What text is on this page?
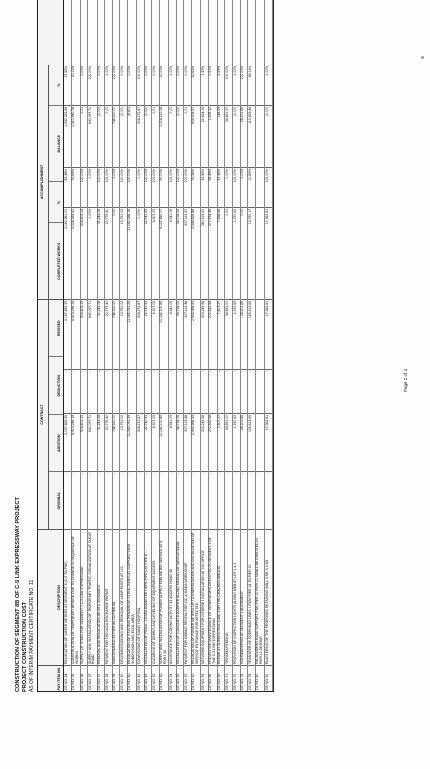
CONSTRUCTION OF SEGMENT 8B OF C-5 LINK EXPRESSWAY PROJECT PROJECT CONSTRUCTION COST AS OF INTERIM PAYMENT CERTIFICATE NO. 11	PAY ITEM NO.
DESCRIPTION
CONTRACT
ORIGINAL
ADDITION
DEDUCTION
REVISED
ACCOMPLISHMENT
COMPLETED WORKS
%
BALANCE
%
CE NO. 34
RELOCATION OF WATER METERS AT SEGMENT 8 (C-5 TO PNR)
-
2,157,855.35
-
2,157,855.35
2,160,961.00
82.48%
1,342,323.88
17.52%
CE NO. 35
CONSTRUCTION OF TEMPORARY BRIDGE DUE TO CHANGE IN SEQUENCE OF WORKS
-
6,519,296.19
-
6,519,296.19
5,208,355.41
79.89%
1,310,940.78
20.11%
CE NO. 36
SUPPLY OF STEEL FOR SEGMENT 7 C-5 LINK EXPRESSWAY
-
504,403.15
-
504,403.15
504,403.14
100.00%
0.01
0.00%
CE NO. 37
SUPPLY AND INSTALLATION OF TEMPORARY TRAFFIC SIGNALIZATION AT SUCAT ROAD
-
640,097.71
-
640,097.71
0.00%
0.00%
640,097.71
100.00%
CE NO. 37
REMOVAL AND RELOCATION OF BTC SIGNAGES
-
31,243.08
-
31,243.08
31,243.08
100.00%
(0.00)
0.00%
CE NO. 38
PAYMENT FOR THE LLDA DISCHARGE PERMIT
-
20,775.40
-
20,775.40
20,775.40
100.00%
0.00
0.00%
CE NO. 39
MAINTENANCE AT PIER 86 TO PIER 88
-
748,310.00
-
748,310.00
0.00
0.00%
748,310.00
100.00%
CE NO. 40
DECOMMISSIONING AND REMOVAL OF LAMP POSTS AT 102
-
13,751.02
-
13,751.02
13,751.02
100.00%
(0.00)
0.00%
CE NO. 41
RELOCATION OF EXISTING REMAINING STRUCTURES AT SUPPORT VIEW SUBDIVISION AND ECOL AREA
-
11,062,091.29
-
11,062,091.29
11,062,088.16
100.00%
(6.87)
0.00%
CE NO. 42
DOWNSIZING OF KIANG HOSPITAL
-
308,272.87
-
308,272.87
0.00%
0.00%
308,272.87
100.00%
CE NO. 43
INSTALLATION OF PE&ia - 150MM DIAMETER HDPE PIPES AT PIPE 8 ...
-
22,740.93
-
22,740.93
22,740.93
100.00%
(0.01)
0.00%
CE NO. 52
CLEARING OF DEBRIS AND LEVELING OF EQUIPMENT ACCESS
-
6,307.05
-
6,307.05
6,307.05
100.00%
0.01
0.00%
CE NO. 52
SUPPLY AND INSTALLATION OF POWER SUPPLY FOR METER SERVICE AT 8 PONT 38
-
10,142,100.85
-
10,142,100.85
9,127,890.77
90.00%
1,014,210.08
10.00%
CE NO. 54
ASSISTANCE FOR CORING ACTIVITY AT ACCESS ROAD 48
-
4,541.09
-
4,541.09
4,541.09
100.00%
0.00
0.00%
CE NO. 55
INSTALLATION OF CONCRETE BARRIER ALONG MEDIAN OF NAVIGATIONAL
-
34,718.06
-
34,718.06
34,718.06
100.00%
(0.00)
0.00%
CE NO. 57
PAYMENT FOR MOBILE RENTAL FOR CIC & MADA WORKSHOP
-
307,113.48
-
307,113.48
307,113.47
100.00%
0.01
0.00%
CE NO. 61
RELOCATION OF POWER METERS UP TO ENERGIZATION AND INSTALLATION OF SERVICE ENTRANCE FOR AFFECTED
-
2,953,958.93
-
2,953,958.93
2,344,626.86
79.38%
609,306.57
20.63%
CE NO. 65
NETWORK EQUIPMENT FOR INTERNET INSTALLATION AT CIC OFFICE
-
303,249.58
-
303,249.58
280,515.32
92.58%
22,634.06
7.47%
CE NO. 66
PREVENTIVE MAINTENANCE OF GENERATORS DEPLOYED IN SEGMENT 3 OF THE C-5 LINK EXPRESSWAY
-
272,632.58
-
272,632.58
270,754.46
99.49%
1,878.12
0.51%
CE NO. 69
REPAIR AT SUPERSTRUCTURE FOR THE CRACKED AREA AT
-
7,807.27
-
7,807.27
7,658.68
97.45%
148.59
2.55%
CE NO. 71
TRINOMA FEEDING
-
34,651.00
-
34,651.00
0.00
0.00%
34,651.00
100.00%
CE NO. 72
PROVISION OF INSPECTION LIGHTS ALONG MEB AT LOT 1 & 2
-
1,370.63
-
1,370.63
1,370.63
100.00%
(0.00)
0.00%
CE NO. 76
HOUSEKEEPING AT SEGMENT 3 ALIGNMENT
-
28,201.66
-
28,201.66
0.00
0.00%
28,201.66
100.00%
CE NO. 78
TRANSFER OF OVERHEAD LINES 1 ROW PIER 18 TO PIER 20
-
126,613.65
-
126,613.65
13,790.17
10.89%
112,823.48
89.11%
CE NO. 80
FALSEWORKS BASE SUPPORT FOR PIER 10 PIER 10 SMALL BE CREDITED IN PIER 12 DETOUR
-
-
CE NO. 81
PLASTERING OF THE PROPOSED RETAINING WALL 5.5M X 3.5M
-
17,362.81
-
17,362.81
17,362.81
100.00%
(0.00)
0.00%
Page 2 of 4
